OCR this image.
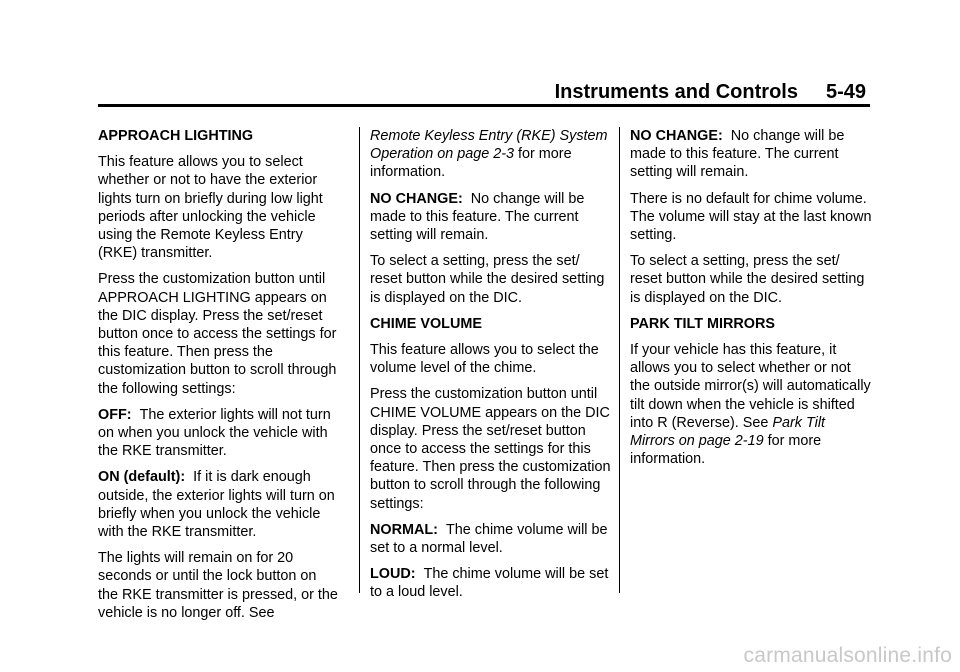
Instruments and Controls 5-49

APPROACH LIGHTING

This feature allows you to select whether or not to have the exterior lights turn on briefly during low light periods after unlocking the vehicle using the Remote Keyless Entry (RKE) transmitter.

Press the customization button until APPROACH LIGHTING appears on the DIC display. Press the set/reset button once to access the settings for this feature. Then press the customization button to scroll through the following settings:

OFF: The exterior lights will not turn on when you unlock the vehicle with the RKE transmitter.

ON (default): If it is dark enough outside, the exterior lights will turn on briefly when you unlock the vehicle with the RKE transmitter.

The lights will remain on for 20 seconds or until the lock button on the RKE transmitter is pressed, or the vehicle is no longer off. See

Remote Keyless Entry (RKE) System Operation on page 2-3 for more information.

NO CHANGE: No change will be made to this feature. The current setting will remain.

To select a setting, press the set/ reset button while the desired setting is displayed on the DIC.

CHIME VOLUME

This feature allows you to select the volume level of the chime.

Press the customization button until CHIME VOLUME appears on the DIC display. Press the set/reset button once to access the settings for this feature. Then press the customization button to scroll through the following settings:

NORMAL: The chime volume will be set to a normal level.

LOUD: The chime volume will be set to a loud level.

NO CHANGE: No change will be made to this feature. The current setting will remain.

There is no default for chime volume. The volume will stay at the last known setting.

To select a setting, press the set/ reset button while the desired setting is displayed on the DIC.

PARK TILT MIRRORS

If your vehicle has this feature, it allows you to select whether or not the outside mirror(s) will automatically tilt down when the vehicle is shifted into R (Reverse). See Park Tilt Mirrors on page 2-19 for more information.

carmanualsonline.info
